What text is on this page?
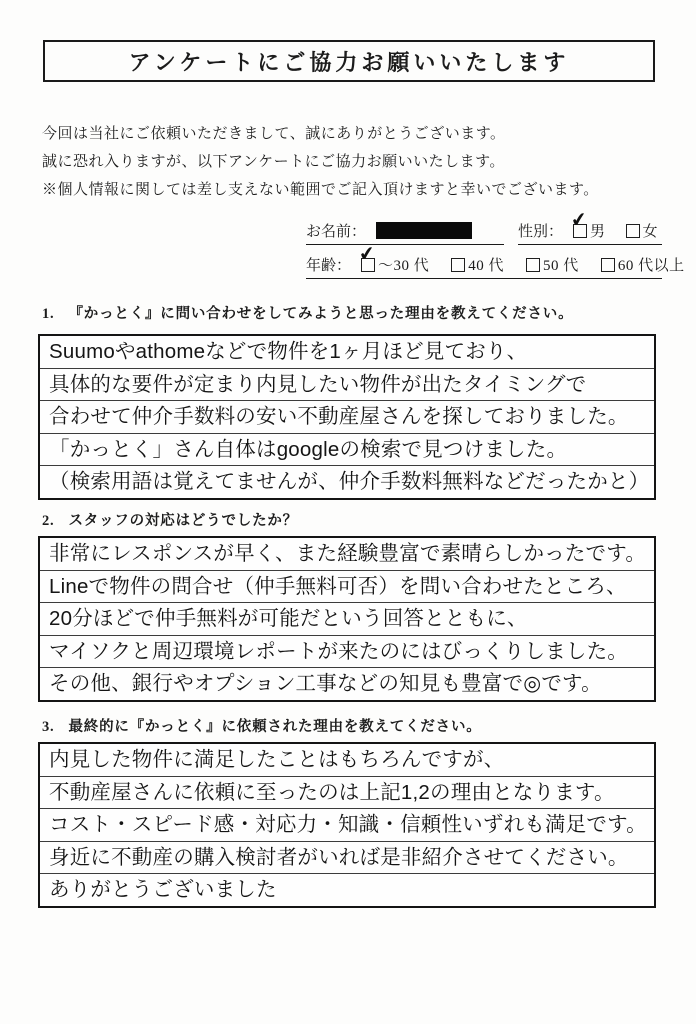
アンケートにご協力お願いいたします

今回は当社にご依頼いただきまして、誠にありがとうございます。

誠に恐れ入りますが、以下アンケートにご協力お願いいたします。

※個人情報に関しては差し支えない範囲でご記入頂けますと幸いでございます。

お名前：	性別： ✔ 男 女
年齢： ✔ ～30 代	40 代	50 代	60 代以上
1. 『かっとく』に問い合わせをしてみようと思った理由を教えてください。
Suumoやathomeなどで物件を1ヶ月ほど見ており、
具体的な要件が定まり内見したい物件が出たタイミングで
合わせて仲介手数料の安い不動産屋さんを探しておりました。
「かっとく」さん自体はgoogleの検索で見つけました。
（検索用語は覚えてませんが、仲介手数料無料などだったかと）
2. スタッフの対応はどうでしたか？
非常にレスポンスが早く、また経験豊富で素晴らしかったです。
Lineで物件の問合せ（仲手無料可否）を問い合わせたところ、
20分ほどで仲手無料が可能だという回答とともに、
マイソクと周辺環境レポートが来たのにはびっくりしました。
その他、銀行やオプション工事などの知見も豊富で◎です。
3. 最終的に『かっとく』に依頼された理由を教えてください。
内見した物件に満足したことはもちろんですが、
不動産屋さんに依頼に至ったのは上記1,2の理由となります。
コスト・スピード感・対応力・知識・信頼性いずれも満足です。
身近に不動産の購入検討者がいれば是非紹介させてください。
ありがとうございました
